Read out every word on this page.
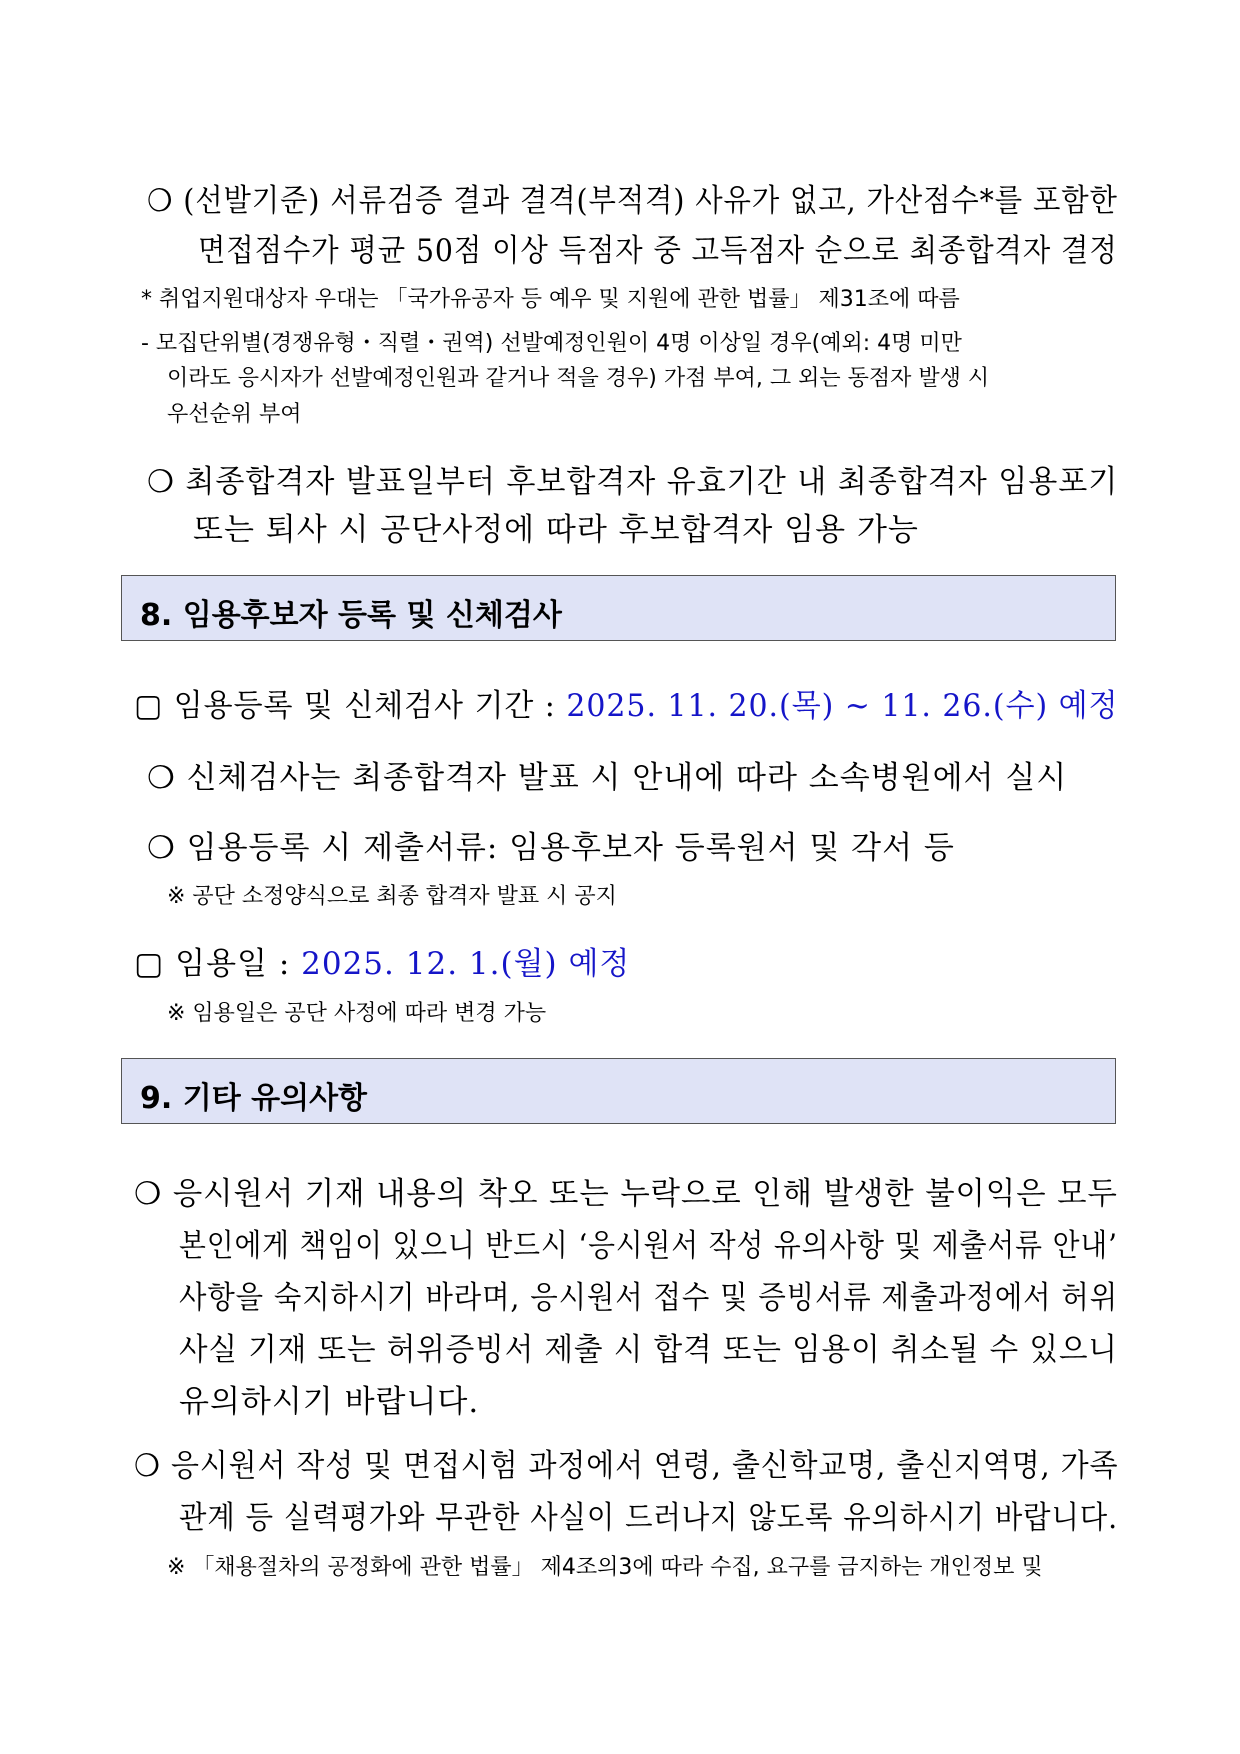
❍ (선발기준) 서류검증 결과 결격(부적격) 사유가 없고, 가산점수*를 포함한
면접점수가 평균 50점 이상 득점자 중 고득점자 순으로 최종합격자 결정
* 취업지원대상자 우대는 「국가유공자 등 예우 및 지원에 관한 법률」 제31조에 따름
- 모집단위별(경쟁유형・직렬・권역) 선발예정인원이 4명 이상일 경우(예외: 4명 미만
이라도 응시자가 선발예정인원과 같거나 적을 경우) 가점 부여, 그 외는 동점자 발생 시
우선순위 부여
❍ 최종합격자 발표일부터 후보합격자 유효기간 내 최종합격자 임용포기
또는 퇴사 시 공단사정에 따라 후보합격자 임용 가능
8. 임용후보자 등록 및 신체검사
▢ 임용등록 및 신체검사 기간 : 2025. 11. 20.(목) ~ 11. 26.(수) 예정
❍ 신체검사는 최종합격자 발표 시 안내에 따라 소속병원에서 실시
❍ 임용등록 시 제출서류: 임용후보자 등록원서 및 각서 등
※ 공단 소정양식으로 최종 합격자 발표 시 공지
▢ 임용일 : 2025. 12. 1.(월) 예정
※ 임용일은 공단 사정에 따라 변경 가능
9. 기타 유의사항
❍ 응시원서 기재 내용의 착오 또는 누락으로 인해 발생한 불이익은 모두
본인에게 책임이 있으니 반드시 ‘응시원서 작성 유의사항 및 제출서류 안내’
사항을 숙지하시기 바라며, 응시원서 접수 및 증빙서류 제출과정에서 허위
사실 기재 또는 허위증빙서 제출 시 합격 또는 임용이 취소될 수 있으니
유의하시기 바랍니다.
❍ 응시원서 작성 및 면접시험 과정에서 연령, 출신학교명, 출신지역명, 가족
관계 등 실력평가와 무관한 사실이 드러나지 않도록 유의하시기 바랍니다.
※ 「채용절차의 공정화에 관한 법률」 제4조의3에 따라 수집, 요구를 금지하는 개인정보 및
